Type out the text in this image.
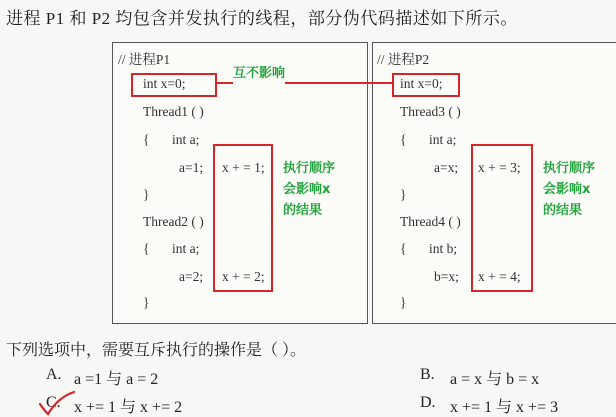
进程 P1 和 P2 均包含并发执行的线程，部分伪代码描述如下所示。
// 进程P1
int x=0;
Thread1 ( )
{ int a;
a=1; x + = 1;
}
Thread2 ( )
{ int a;
a=2; x + = 2;
}
// 进程P2
int x=0;
Thread3 ( )
{ int a;
a=x; x + = 3;
}
Thread4 ( )
{ int b;
b=x; x + = 4;
}
互不影响
执行顺序
会影响x
的结果
执行顺序
会影响x
的结果
下列选项中，需要互斥执行的操作是（ ）。
A. a =1 与 a = 2	B. a = x 与 b = x
C. x += 1 与 x += 2	D. x += 1 与 x += 3
